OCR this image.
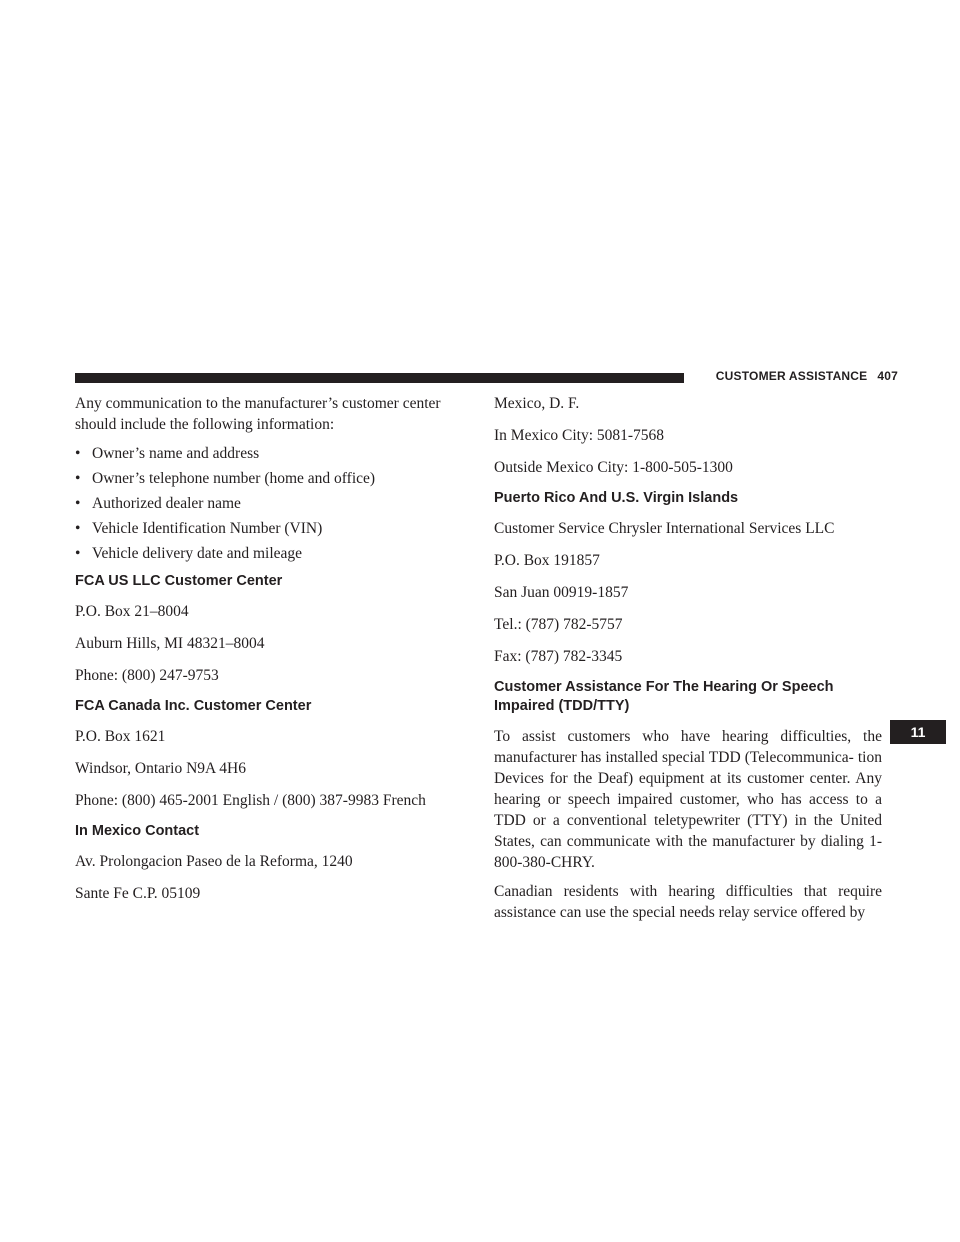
CUSTOMER ASSISTANCE 407
11

Any communication to the manufacturer’s customer center should include the following information:

• Owner’s name and address
• Owner’s telephone number (home and office)
• Authorized dealer name
• Vehicle Identification Number (VIN)
• Vehicle delivery date and mileage
FCA US LLC Customer Center

P.O. Box 21–8004

Auburn Hills, MI 48321–8004

Phone: (800) 247-9753

FCA Canada Inc. Customer Center

P.O. Box 1621

Windsor, Ontario N9A 4H6

Phone: (800) 465-2001 English / (800) 387-9983 French

In Mexico Contact

Av. Prolongacion Paseo de la Reforma, 1240

Sante Fe C.P. 05109

Mexico, D. F.

In Mexico City: 5081-7568

Outside Mexico City: 1-800-505-1300

Puerto Rico And U.S. Virgin Islands

Customer Service Chrysler International Services LLC

P.O. Box 191857

San Juan 00919-1857

Tel.: (787) 782-5757

Fax: (787) 782-3345

Customer Assistance For The Hearing Or Speech Impaired (TDD/TTY)

To assist customers who have hearing difficulties, the manufacturer has installed special TDD (Telecommunica- tion Devices for the Deaf) equipment at its customer center. Any hearing or speech impaired customer, who has access to a TDD or a conventional teletypewriter (TTY) in the United States, can communicate with the manufacturer by dialing 1-800-380-CHRY.

Canadian residents with hearing difficulties that require assistance can use the special needs relay service offered by
